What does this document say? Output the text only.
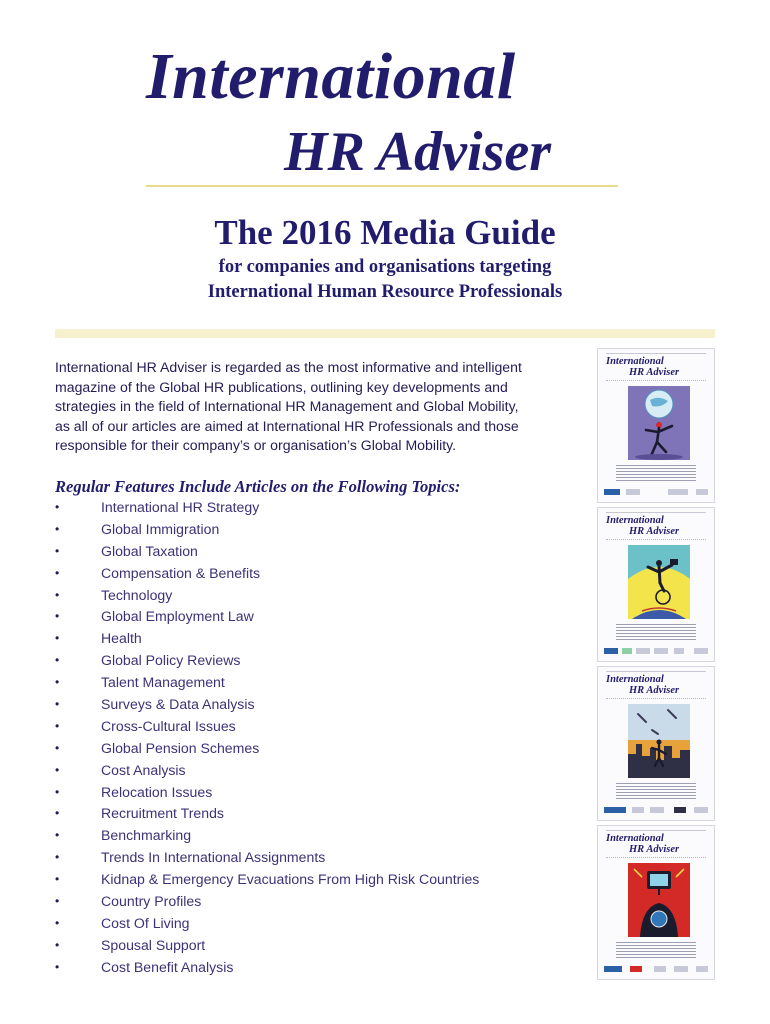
International
HR Adviser
The 2016 Media Guide

for companies and organisations targeting

International Human Resource Professionals

International HR Adviser is regarded as the most informative and intelligent
magazine of the Global HR publications, outlining key developments and
strategies in the field of International HR Management and Global Mobility,
as all of our articles are aimed at International HR Professionals and those
responsible for their company’s or organisation’s Global Mobility.

Regular Features Include Articles on the Following Topics:
•	International HR Strategy
•	Global Immigration
•	Global Taxation
•	Compensation & Benefits
•	Technology
•	Global Employment Law
•	Health
•	Global Policy Reviews
•	Talent Management
•	Surveys & Data Analysis
•	Cross-Cultural Issues
•	Global Pension Schemes
•	Cost Analysis
•	Relocation Issues
•	Recruitment Trends
•	Benchmarking
•	Trends In International Assignments
•	Kidnap & Emergency Evacuations From High Risk Countries
•	Country Profiles
•	Cost Of Living
•	Spousal Support
•	Cost Benefit Analysis
International
HR Adviser
International
HR Adviser
International
HR Adviser
International
HR Adviser
